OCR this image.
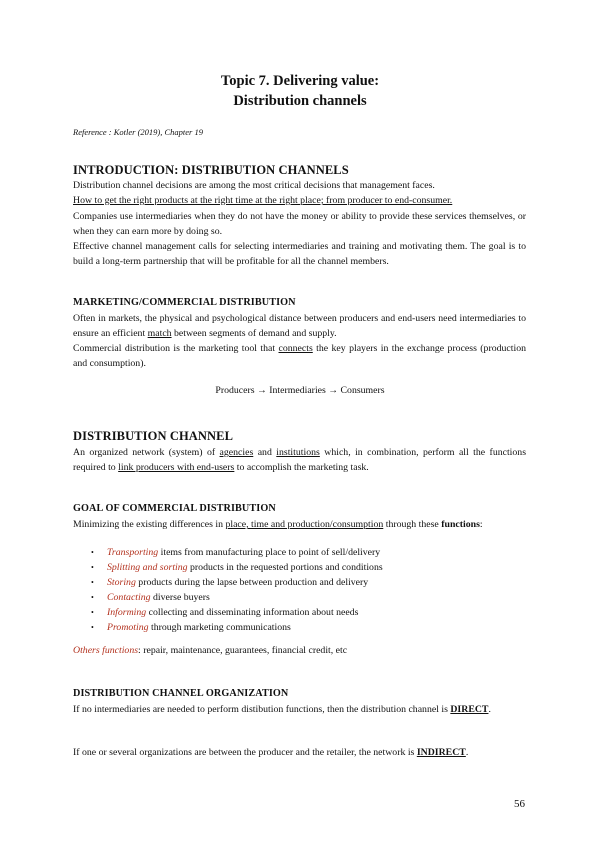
Topic 7. Delivering value:
Distribution channels
Reference : Kotler (2019), Chapter 19
INTRODUCTION: DISTRIBUTION CHANNELS
Distribution channel decisions are among the most critical decisions that management faces.
How to get the right products at the right time at the right place; from producer to end-consumer.
Companies use intermediaries when they do not have the money or ability to provide these services themselves, or when they can earn more by doing so.
Effective channel management calls for selecting intermediaries and training and motivating them. The goal is to build a long-term partnership that will be profitable for all the channel members.
MARKETING/COMMERCIAL DISTRIBUTION
Often in markets, the physical and psychological distance between producers and end-users need intermediaries to ensure an efficient match between segments of demand and supply.
Commercial distribution is the marketing tool that connects the key players in the exchange process (production and consumption).
Producers → Intermediaries → Consumers
DISTRIBUTION CHANNEL
An organized network (system) of agencies and institutions which, in combination, perform all the functions required to link producers with end-users to accomplish the marketing task.
GOAL OF COMMERCIAL DISTRIBUTION
Minimizing the existing differences in place, time and production/consumption through these functions:
• Transporting items from manufacturing place to point of sell/delivery
• Splitting and sorting products in the requested portions and conditions
• Storing products during the lapse between production and delivery
• Contacting diverse buyers
• Informing collecting and disseminating information about needs
• Promoting through marketing communications
Others functions: repair, maintenance, guarantees, financial credit, etc
DISTRIBUTION CHANNEL ORGANIZATION
If no intermediaries are needed to perform distibution functions, then the distribution channel is DIRECT.
If one or several organizations are between the producer and the retailer, the network is INDIRECT.
56
